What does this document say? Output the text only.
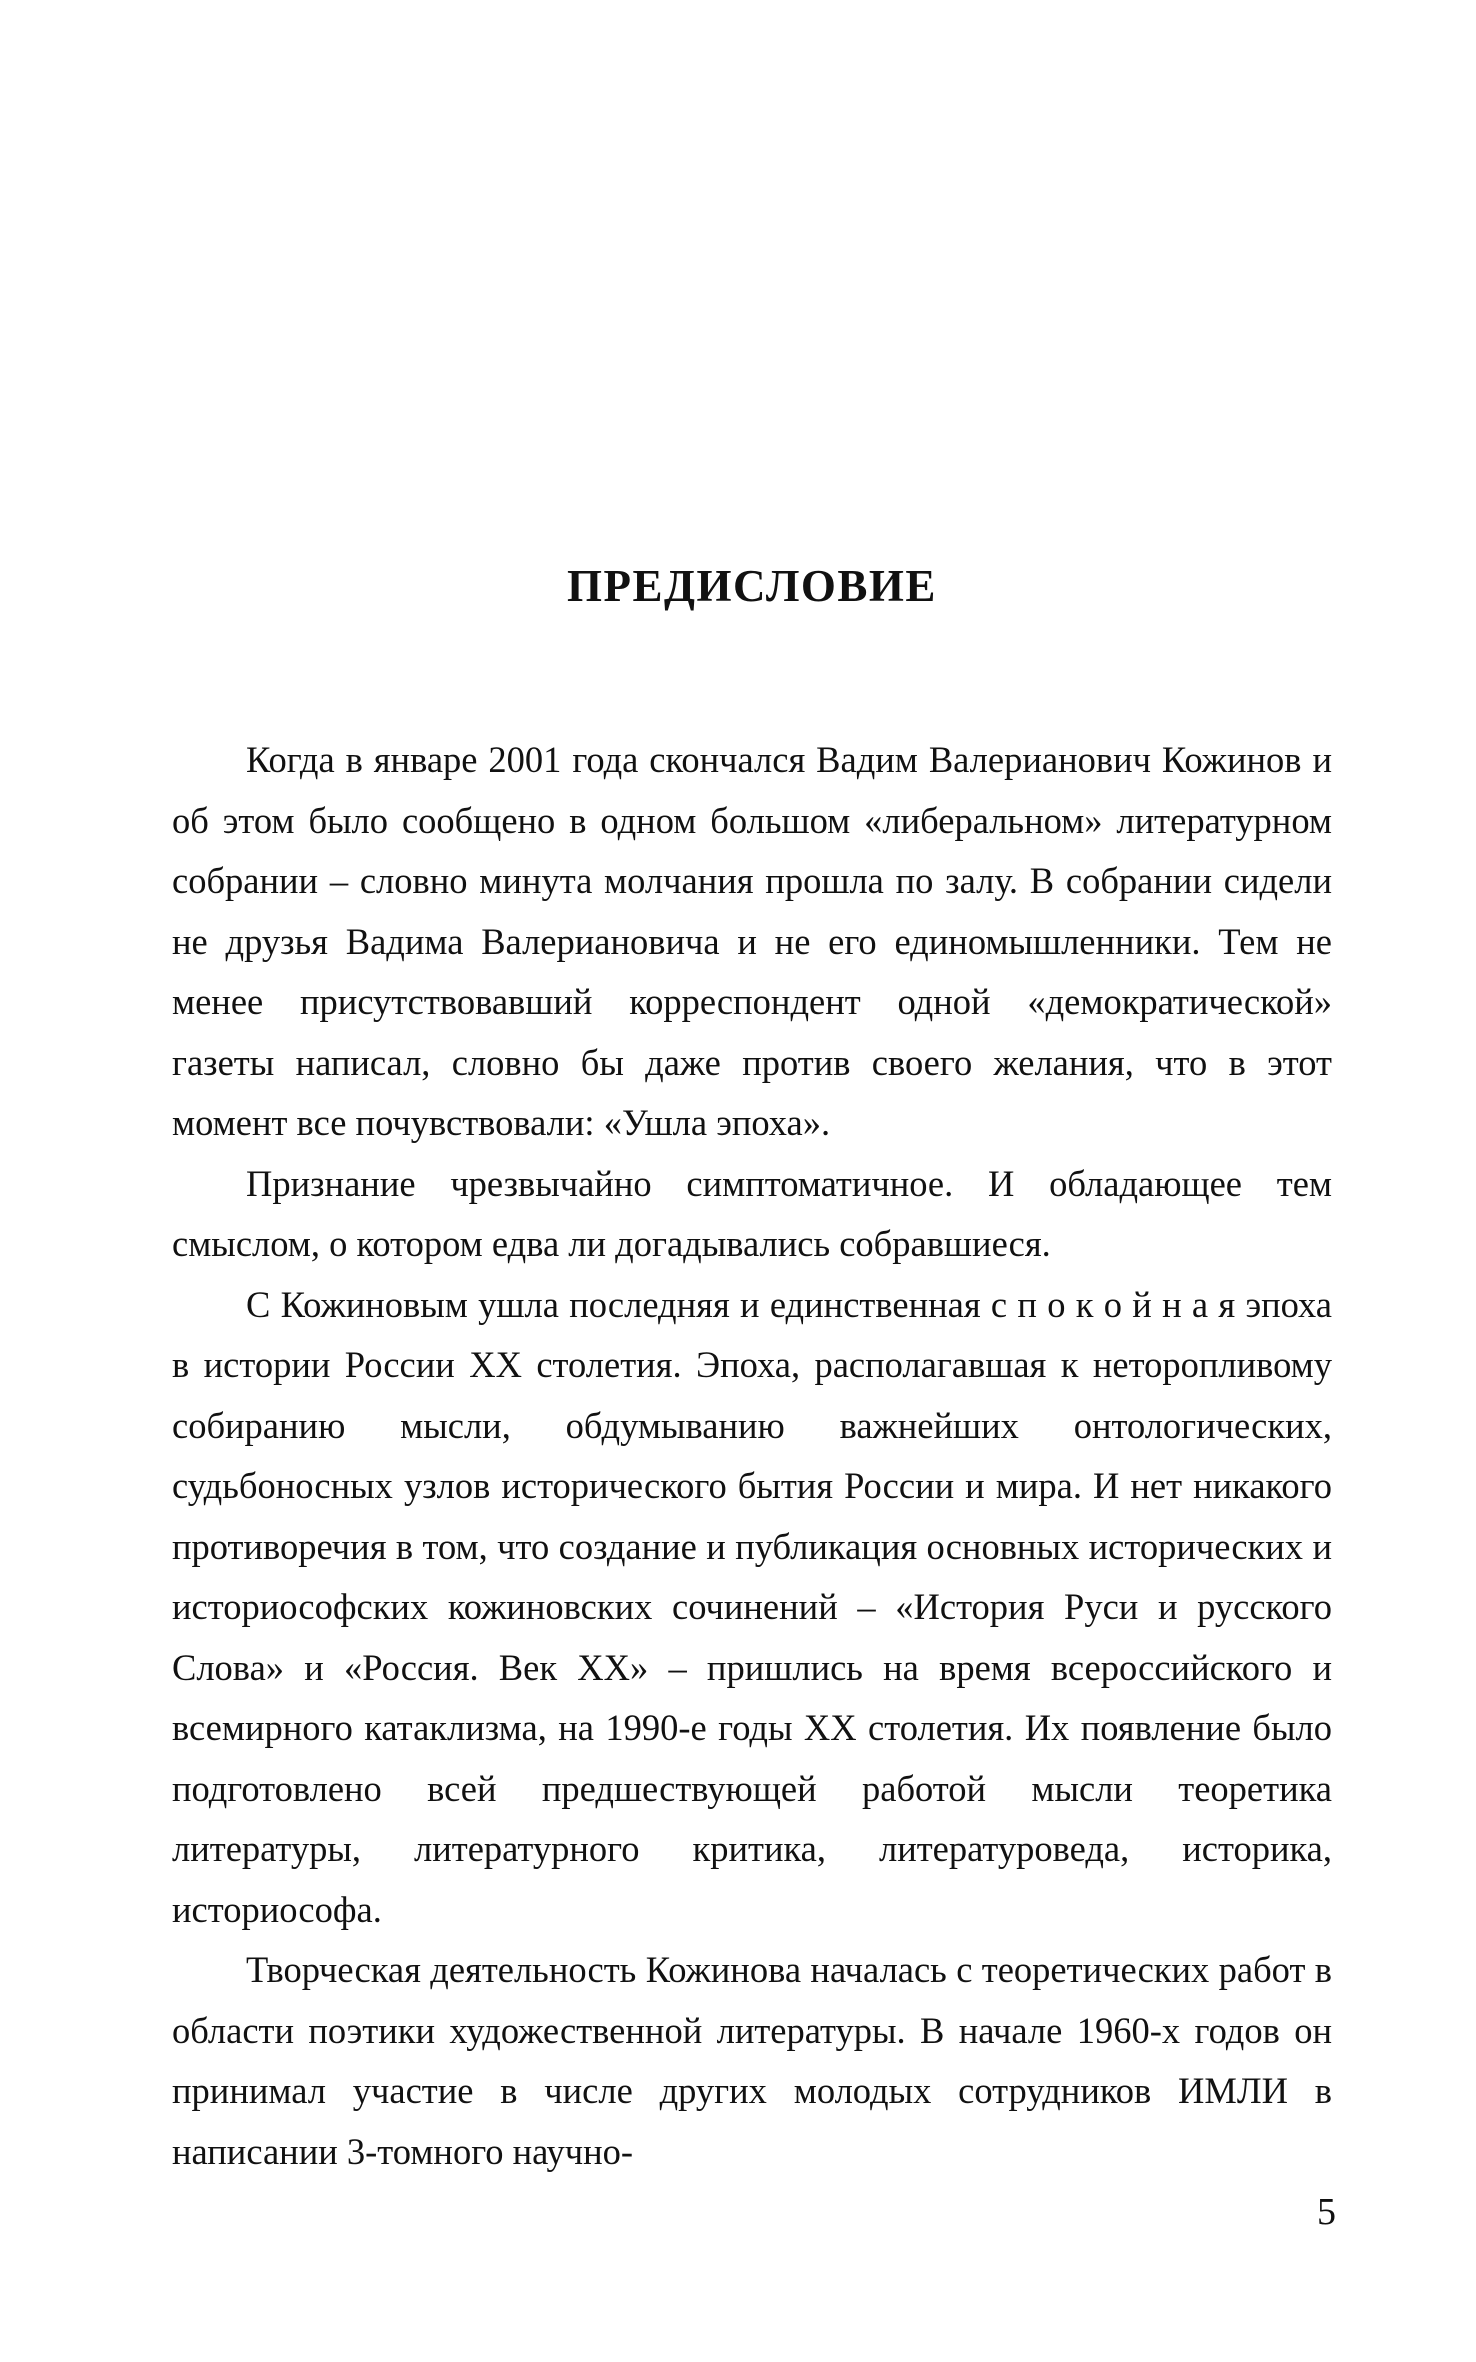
ПРЕДИСЛОВИЕ

Когда в январе 2001 года скончался Вадим Валерианович Кожинов и об этом было сообщено в одном большом «либеральном» литературном собрании – словно минута молчания прошла по залу. В собрании сидели не друзья Вадима Валериановича и не его единомышленники. Тем не менее присутствовавший корреспондент одной «демократической» газеты написал, словно бы даже против своего желания, что в этот момент все почувствовали: «Ушла эпоха».

Признание чрезвычайно симптоматичное. И обладающее тем смыслом, о котором едва ли догадывались собравшиеся.

С Кожиновым ушла последняя и единственная с п о к о й н а я эпоха в истории России XX столетия. Эпоха, располагавшая к неторопливому собиранию мысли, обдумыванию важнейших онтологических, судьбоносных узлов исторического бытия России и мира. И нет никакого противоречия в том, что создание и публикация основных исторических и историософских кожиновских сочинений – «История Руси и русского Слова» и «Россия. Век XX» – пришлись на время всероссийского и всемирного катаклизма, на 1990-е годы XX столетия. Их появление было подготовлено всей предшествующей работой мысли теоретика литературы, литературного критика, литературоведа, историка, историософа.

Творческая деятельность Кожинова началась с теоретических работ в области поэтики художественной литературы. В начале 1960-х годов он принимал участие в числе других молодых сотрудников ИМЛИ в написании 3-томного научно-

5
